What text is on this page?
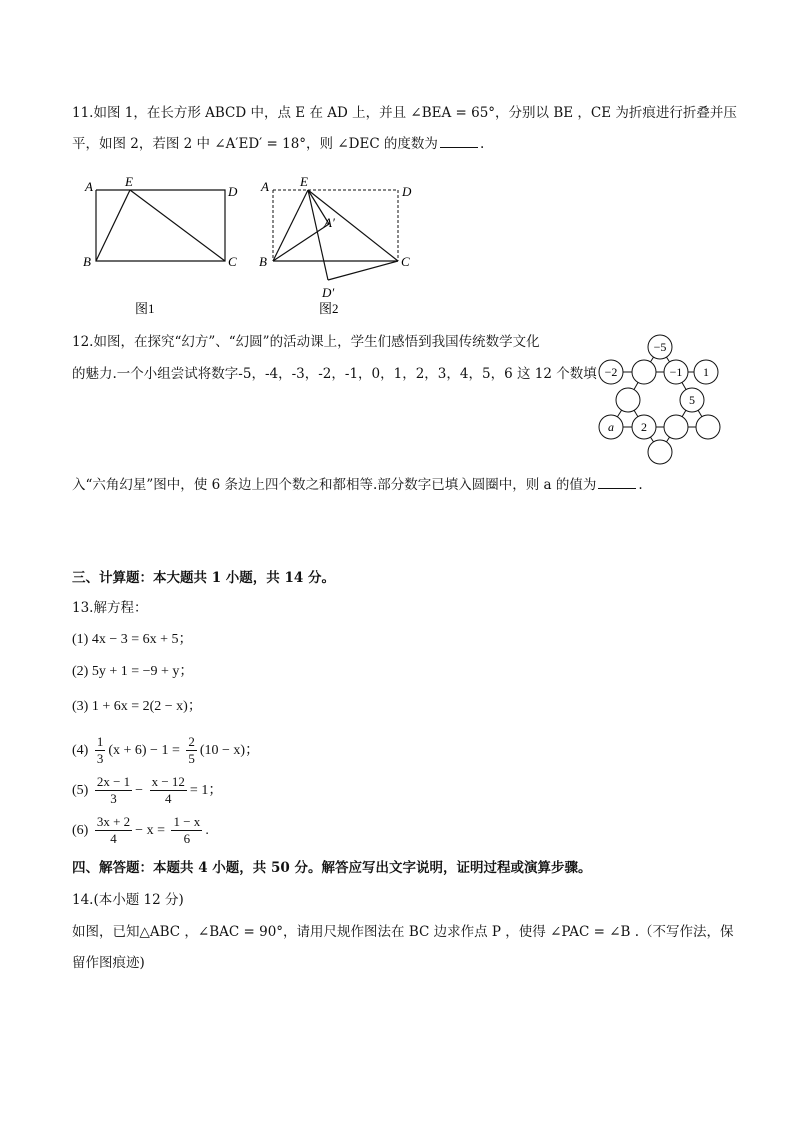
11.如图 1，在长方形 ABCD 中，点 E 在 AD 上，并且 ∠BEA = 65°，分别以 BE ，CE 为折痕进行折叠并压
平，如图 2，若图 2 中 ∠A′ED′ = 18°，则 ∠DEC 的度数为	.
A E
D
B	C
图1
A E
D
B	C
A′
D′
图2
12.如图，在探究“幻方”、“幻圆”的活动课上，学生们感悟到我国传统数学文化
的魅力.一个小组尝试将数字-5，-4，-3，-2，-1，0，1，2，3，4，5，6 这 12 个数填
入“六角幻星”图中，使 6 条边上四个数之和都相等.部分数字已填入圆圈中，则 a 的值为	.
−5
−2	−1 1
5
a 2
三、计算题：本大题共 1 小题，共 14 分。
13.解方程：
(1) 4x − 3 = 6x + 5；
(2) 5y + 1 = −9 + y；
(3) 1 + 6x = 2(2 − x)；
$(4) \frac{1}{3} (x + 6) - 1 = \frac{2}{5} (10 - x)$；
$(5) \frac{2x - 1}{3} - \frac{x - 12}{4} = 1$；
$(6) \frac{3x + 2}{4} - x = \frac{1 - x}{6}$ .
四、解答题：本题共 4 小题，共 50 分。解答应写出文字说明，证明过程或演算步骤。
14.(本小题 12 分)
如图，已知△ABC ，∠BAC = 90°，请用尺规作图法在 BC 边求作点 P ，使得 ∠PAC = ∠B .（不写作法，保
留作图痕迹)
